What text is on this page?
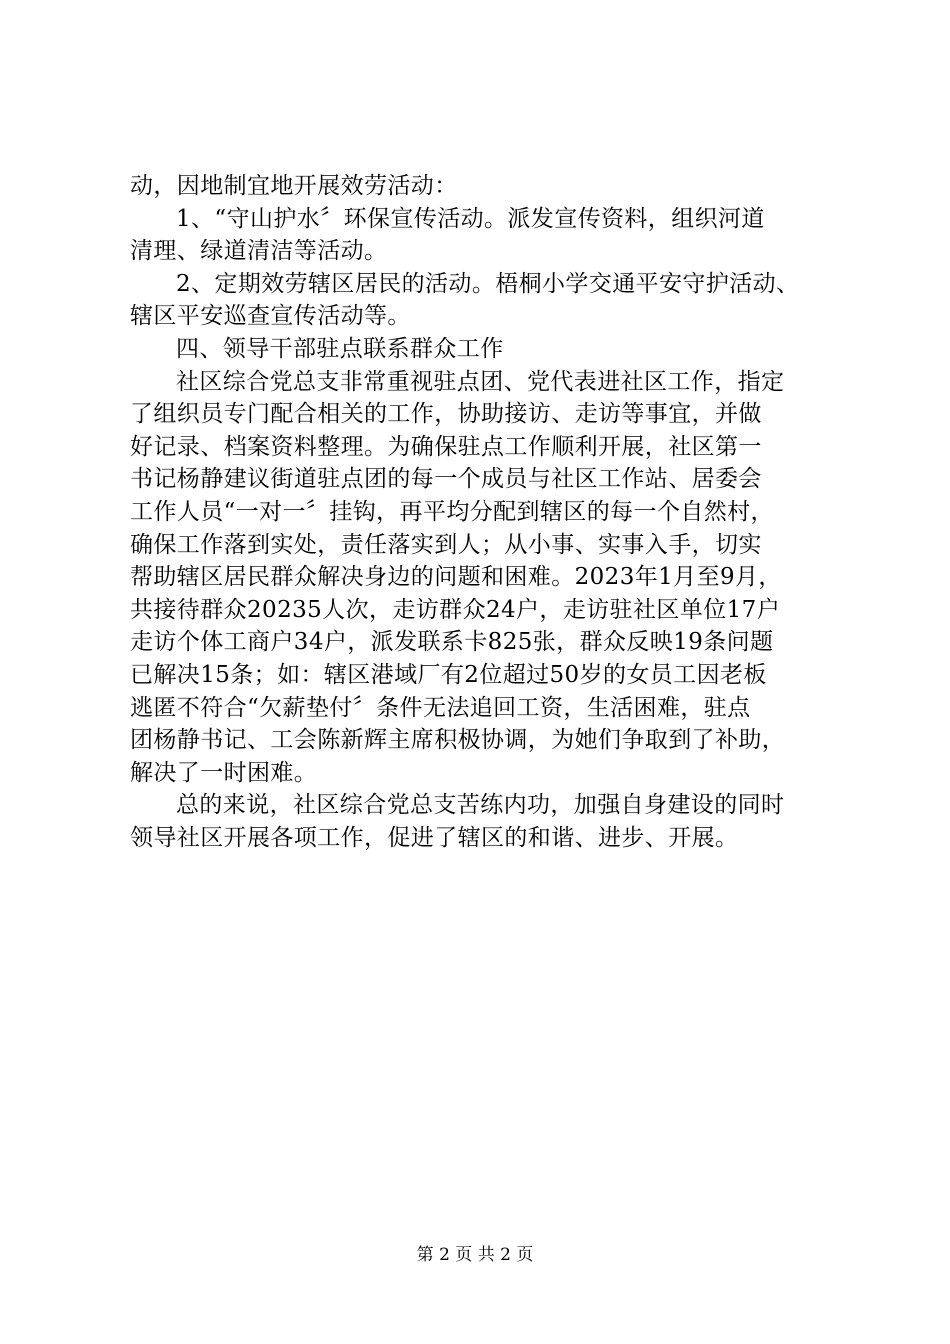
动，因地制宜地开展效劳活动：
1、“守山护水〞环保宣传活动。派发宣传资料，组织河道
清理、绿道清洁等活动。
2、定期效劳辖区居民的活动。梧桐小学交通平安守护活动、
辖区平安巡查宣传活动等。
四、领导干部驻点联系群众工作
社区综合党总支非常重视驻点团、党代表进社区工作，指定
了组织员专门配合相关的工作，协助接访、走访等事宜，并做
好记录、档案资料整理。为确保驻点工作顺利开展，社区第一
书记杨静建议街道驻点团的每一个成员与社区工作站、居委会
工作人员“一对一〞挂钩，再平均分配到辖区的每一个自然村，
确保工作落到实处，责任落实到人；从小事、实事入手，切实
帮助辖区居民群众解决身边的问题和困难。2023年1月至9月，
共接待群众20235人次，走访群众24户，走访驻社区单位17户
走访个体工商户34户，派发联系卡825张，群众反映19条问题
已解决15条；如：辖区港域厂有2位超过50岁的女员工因老板
逃匿不符合“欠薪垫付〞条件无法追回工资，生活困难，驻点
团杨静书记、工会陈新辉主席积极协调，为她们争取到了补助，
解决了一时困难。
总的来说，社区综合党总支苦练内功，加强自身建设的同时
领导社区开展各项工作，促进了辖区的和谐、进步、开展。
第 2 页 共 2 页
